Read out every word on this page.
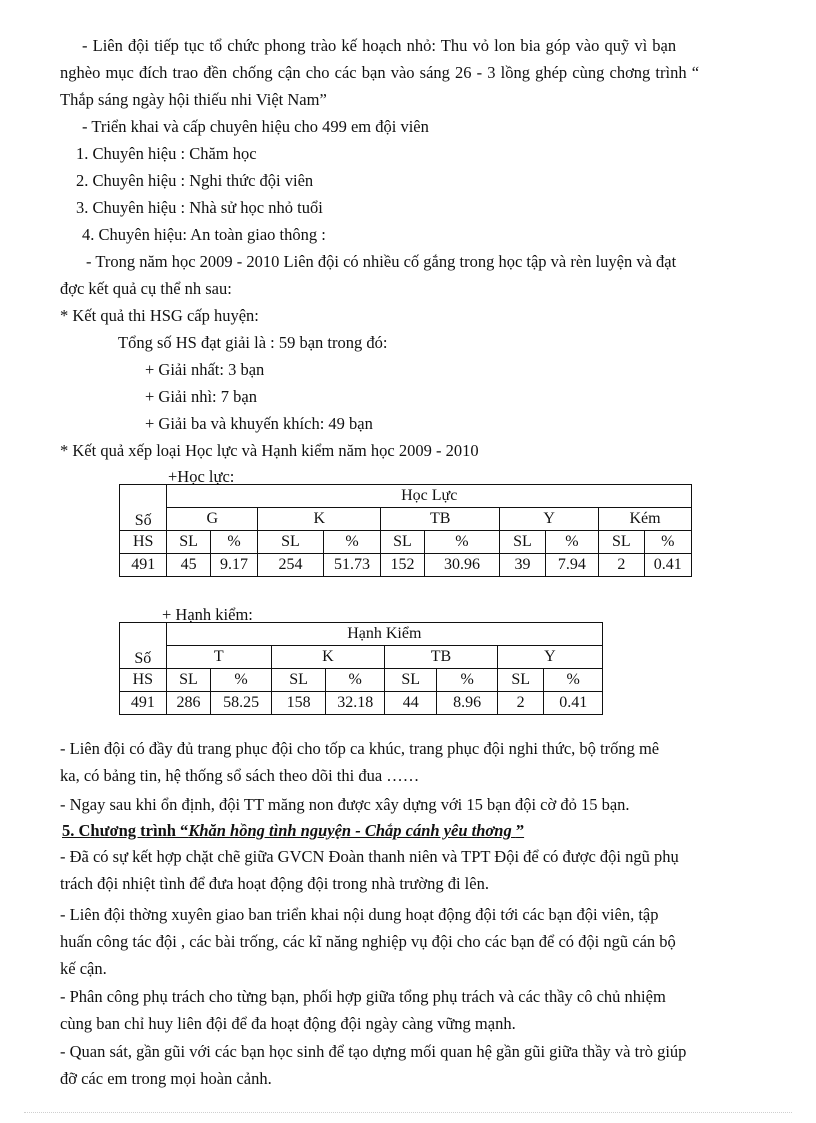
- Liên đội tiếp tục tổ chức phong trào kế hoạch nhỏ: Thu vỏ lon bia góp vào quỹ vì bạn
nghèo mục đích trao đền chống cận cho các bạn vào sáng 26 - 3 lồng ghép cùng chơng trình “
Thắp sáng ngày hội thiếu nhi Việt Nam”
- Triển khai và cấp chuyên hiệu cho 499 em đội viên
1. Chuyên hiệu : Chăm học
2. Chuyên hiệu : Nghi thức đội viên
3. Chuyên hiệu : Nhà sử học nhỏ tuổi
4. Chuyên hiệu: An toàn giao thông :
- Trong năm học 2009 - 2010 Liên đội có nhiều cố gắng trong học tập và rèn luyện và đạt
đợc kết quả cụ thể nh sau:
* Kết quả thi HSG cấp huyện:
Tổng số HS đạt giải là : 59 bạn trong đó:
+ Giải nhất: 3 bạn
+ Giải nhì: 7 bạn
+ Giải ba và khuyến khích: 49 bạn
* Kết quả xếp loại Học lực và Hạnh kiểm năm học 2009 - 2010
+Học lực:
Số	Học Lực									
	G		K		TB		Y		Kém	
HS	SL	%	SL	%	SL	%	SL	%	SL	%
491	45	9.17	254	51.73	152	30.96	39	7.94	2	0.41
+ Hạnh kiểm:
Số	Hạnh Kiểm							
	T		K		TB		Y	
HS	SL	%	SL	%	SL	%	SL	%
491	286	58.25	158	32.18	44	8.96	2	0.41
- Liên đội có đầy đủ trang phục đội cho tốp ca khúc, trang phục đội nghi thức, bộ trống mê
ka, có bảng tin, hệ thống sổ sách theo dõi thi đua ……
- Ngay sau khi ổn định, đội TT măng non được xây dựng với 15 bạn đội cờ đỏ 15 bạn.
5. Chương trình “Khăn hồng tình nguyện - Chắp cánh yêu thơng ”
- Đã có sự kết hợp chặt chẽ giữa GVCN Đoàn thanh niên và TPT Đội để có được đội ngũ phụ
trách đội nhiệt tình để đưa hoạt động đội trong nhà trường đi lên.
- Liên đội thờng xuyên giao ban triển khai nội dung hoạt động đội tới các bạn đội viên, tập
huấn công tác đội , các bài trống, các kĩ năng nghiệp vụ đội cho các bạn để có đội ngũ cán bộ
kế cận.
- Phân công phụ trách cho từng bạn, phối hợp giữa tổng phụ trách và các thầy cô chủ nhiệm
cùng ban chỉ huy liên đội để đa hoạt động đội ngày càng vững mạnh.
- Quan sát, gần gũi với các bạn học sinh để tạo dựng mối quan hệ gần gũi giữa thầy và trò giúp
đỡ các em trong mọi hoàn cảnh.
